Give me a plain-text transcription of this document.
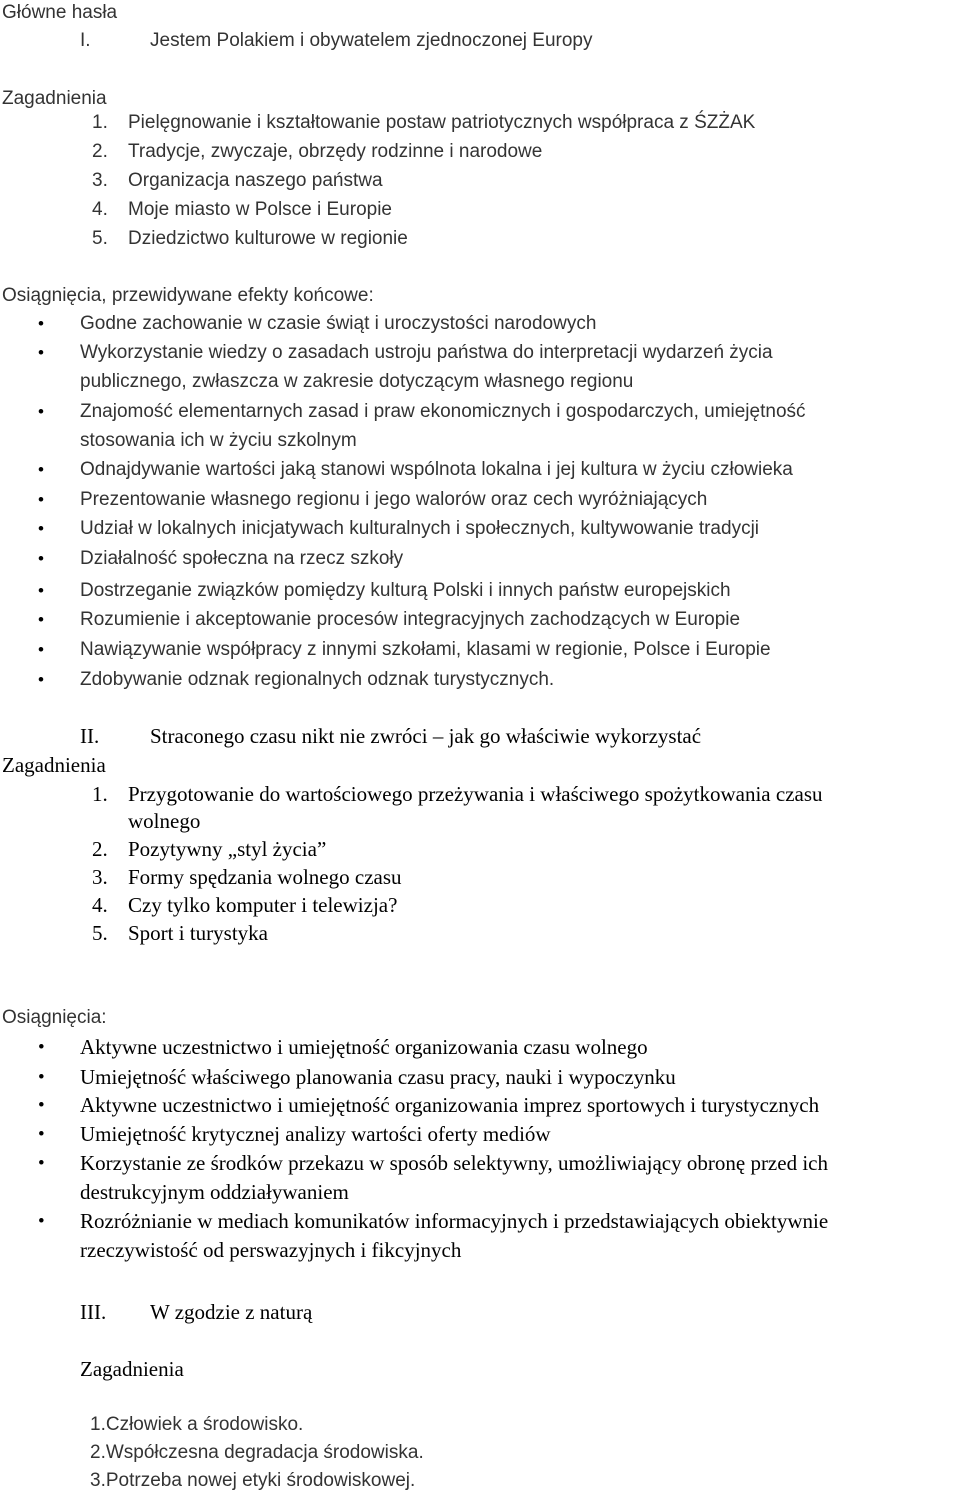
Główne hasła
I.	Jestem Polakiem i obywatelem zjednoczonej Europy
Zagadnienia
1. Pielęgnowanie i kształtowanie postaw patriotycznych współpraca z ŚZŻAK
2. Tradycje, zwyczaje, obrzędy rodzinne i narodowe
3. Organizacja naszego państwa
4. Moje miasto w Polsce i Europie
5. Dziedzictwo kulturowe w regionie
Osiągnięcia, przewidywane efekty końcowe:
• Godne zachowanie w czasie świąt i uroczystości narodowych
• Wykorzystanie wiedzy o zasadach ustroju państwa do interpretacji wydarzeń życia
publicznego, zwłaszcza w zakresie dotyczącym własnego regionu
• Znajomość elementarnych zasad i praw ekonomicznych i gospodarczych, umiejętność
stosowania ich w życiu szkolnym
• Odnajdywanie wartości jaką stanowi wspólnota lokalna i jej kultura w życiu człowieka
• Prezentowanie własnego regionu i jego walorów oraz cech wyróżniających
• Udział w lokalnych inicjatywach kulturalnych i społecznych, kultywowanie tradycji
• Działalność społeczna na rzecz szkoły
• Dostrzeganie związków pomiędzy kulturą Polski i innych państw europejskich
• Rozumienie i akceptowanie procesów integracyjnych zachodzących w Europie
• Nawiązywanie współpracy z innymi szkołami, klasami w regionie, Polsce i Europie
• Zdobywanie odznak regionalnych odznak turystycznych.
II. Straconego czasu nikt nie zwróci – jak go właściwie wykorzystać
Zagadnienia
1. Przygotowanie do wartościowego przeżywania i właściwego spożytkowania czasu
wolnego
2. Pozytywny „styl życia”
3. Formy spędzania wolnego czasu
4. Czy tylko komputer i telewizja?
5. Sport i turystyka
Osiągnięcia:
• Aktywne uczestnictwo i umiejętność organizowania czasu wolnego
• Umiejętność właściwego planowania czasu pracy, nauki i wypoczynku
• Aktywne uczestnictwo i umiejętność organizowania imprez sportowych i turystycznych
• Umiejętność krytycznej analizy wartości oferty mediów
• Korzystanie ze środków przekazu w sposób selektywny, umożliwiający obronę przed ich
destrukcyjnym oddziaływaniem
• Rozróżnianie w mediach komunikatów informacyjnych i przedstawiających obiektywnie
rzeczywistość od perswazyjnych i fikcyjnych
III. W zgodzie z naturą
Zagadnienia
1.Człowiek a środowisko.
2.Współczesna degradacja środowiska.
3.Potrzeba nowej etyki środowiskowej.
